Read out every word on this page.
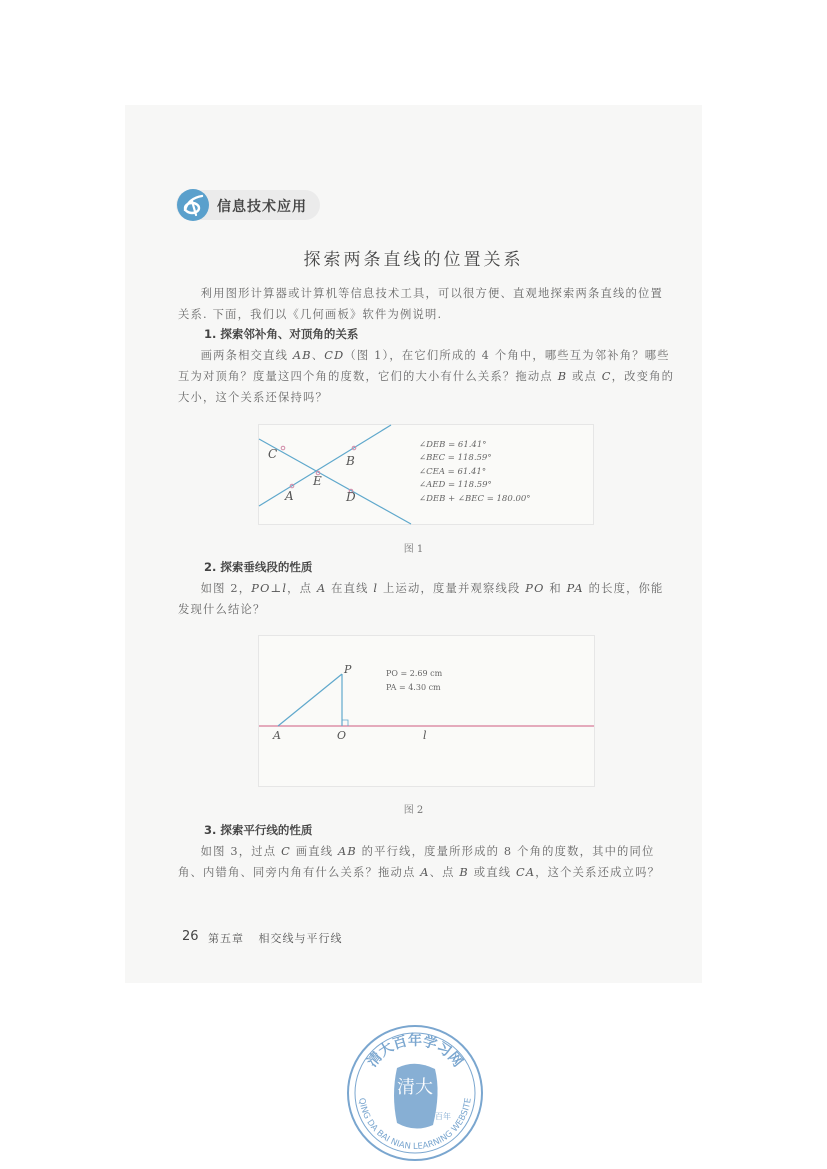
信息技术应用
探索两条直线的位置关系

利用图形计算器或计算机等信息技术工具，可以很方便、直观地探索两条直线的位置关系. 下面，我们以《几何画板》软件为例说明.

1. 探索邻补角、对顶角的关系

画两条相交直线 AB、CD（图 1），在它们所成的 4 个角中，哪些互为邻补角？哪些互为对顶角？度量这四个角的度数，它们的大小有什么关系？拖动点 B 或点 C，改变角的大小，这个关系还保持吗？

C	B
E
A	D
∠DEB = 61.41°
∠BEC = 118.59°
∠CEA = 61.41°
∠AED = 118.59°
∠DEB + ∠BEC = 180.00°
图 1
2. 探索垂线段的性质

如图 2，PO⊥l，点 A 在直线 l 上运动，度量并观察线段 PO 和 PA 的长度，你能发现什么结论？

P
A	O	l
PO = 2.69 cm
PA = 4.30 cm
图 2
3. 探索平行线的性质

如图 3，过点 C 画直线 AB 的平行线，度量所形成的 8 个角的度数，其中的同位角、内错角、同旁内角有什么关系？拖动点 A、点 B 或直线 CA，这个关系还成立吗？

26 第五章 相交线与平行线
清大百年学习网
QING DA BAI NIAN LEARNING WEBSITE
清大
百年
